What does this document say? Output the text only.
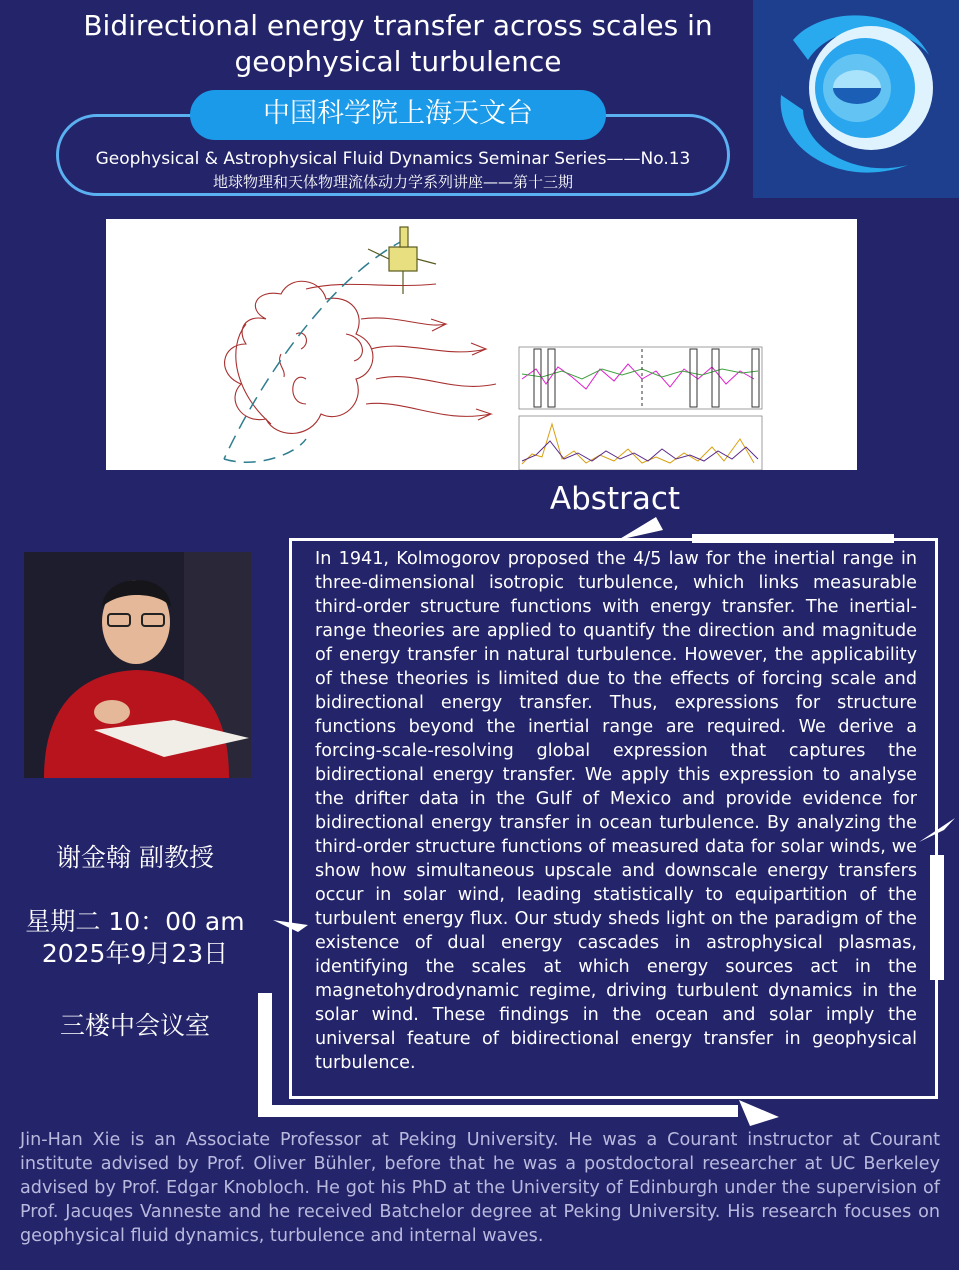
Bidirectional energy transfer across scales in geophysical turbulence
中国科学院上海天文台
Geophysical & Astrophysical Fluid Dynamics Seminar Series——No.13
地球物理和天体物理流体动力学系列讲座——第十三期
Abstract
In 1941, Kolmogorov proposed the 4/5 law for the inertial range in three‑dimensional isotropic turbulence, which links measurable third-order structure functions with energy transfer. The inertial-range theories are applied to quantify the direction and magnitude of energy transfer in natural turbulence. However, the applicability of these theories is limited due to the effects of forcing scale and bidirectional energy transfer. Thus, expressions for structure functions beyond the inertial range are required. We derive a forcing-scale-resolving global expression that captures the bidirectional energy transfer. We apply this expression to analyse the drifter data in the Gulf of Mexico and provide evidence for bidirectional energy transfer in ocean turbulence. By analyzing the third-order structure functions of measured data for solar winds, we show how simultaneous upscale and downscale energy transfers occur in solar wind, leading statistically to equipartition of the turbulent energy flux. Our study sheds light on the paradigm of the existence of dual energy cascades in astrophysical plasmas, identifying the scales at which energy sources act in the magnetohydrodynamic regime, driving turbulent dynamics in the solar wind. These findings in the ocean and solar imply the universal feature of bidirectional energy transfer in geophysical turbulence.
谢金翰 副教授
星期二 10：00 am
2025年9月23日
三楼中会议室
Jin-Han Xie is an Associate Professor at Peking University. He was a Courant instructor at Courant institute advised by Prof. Oliver Bühler, before that he was a postdoctoral researcher at UC Berkeley advised by Prof. Edgar Knobloch. He got his PhD at the University of Edinburgh under the supervision of Prof. Jacuqes Vanneste and he received Batchelor degree at Peking University. His research focuses on geophysical fluid dynamics, turbulence and internal waves.
